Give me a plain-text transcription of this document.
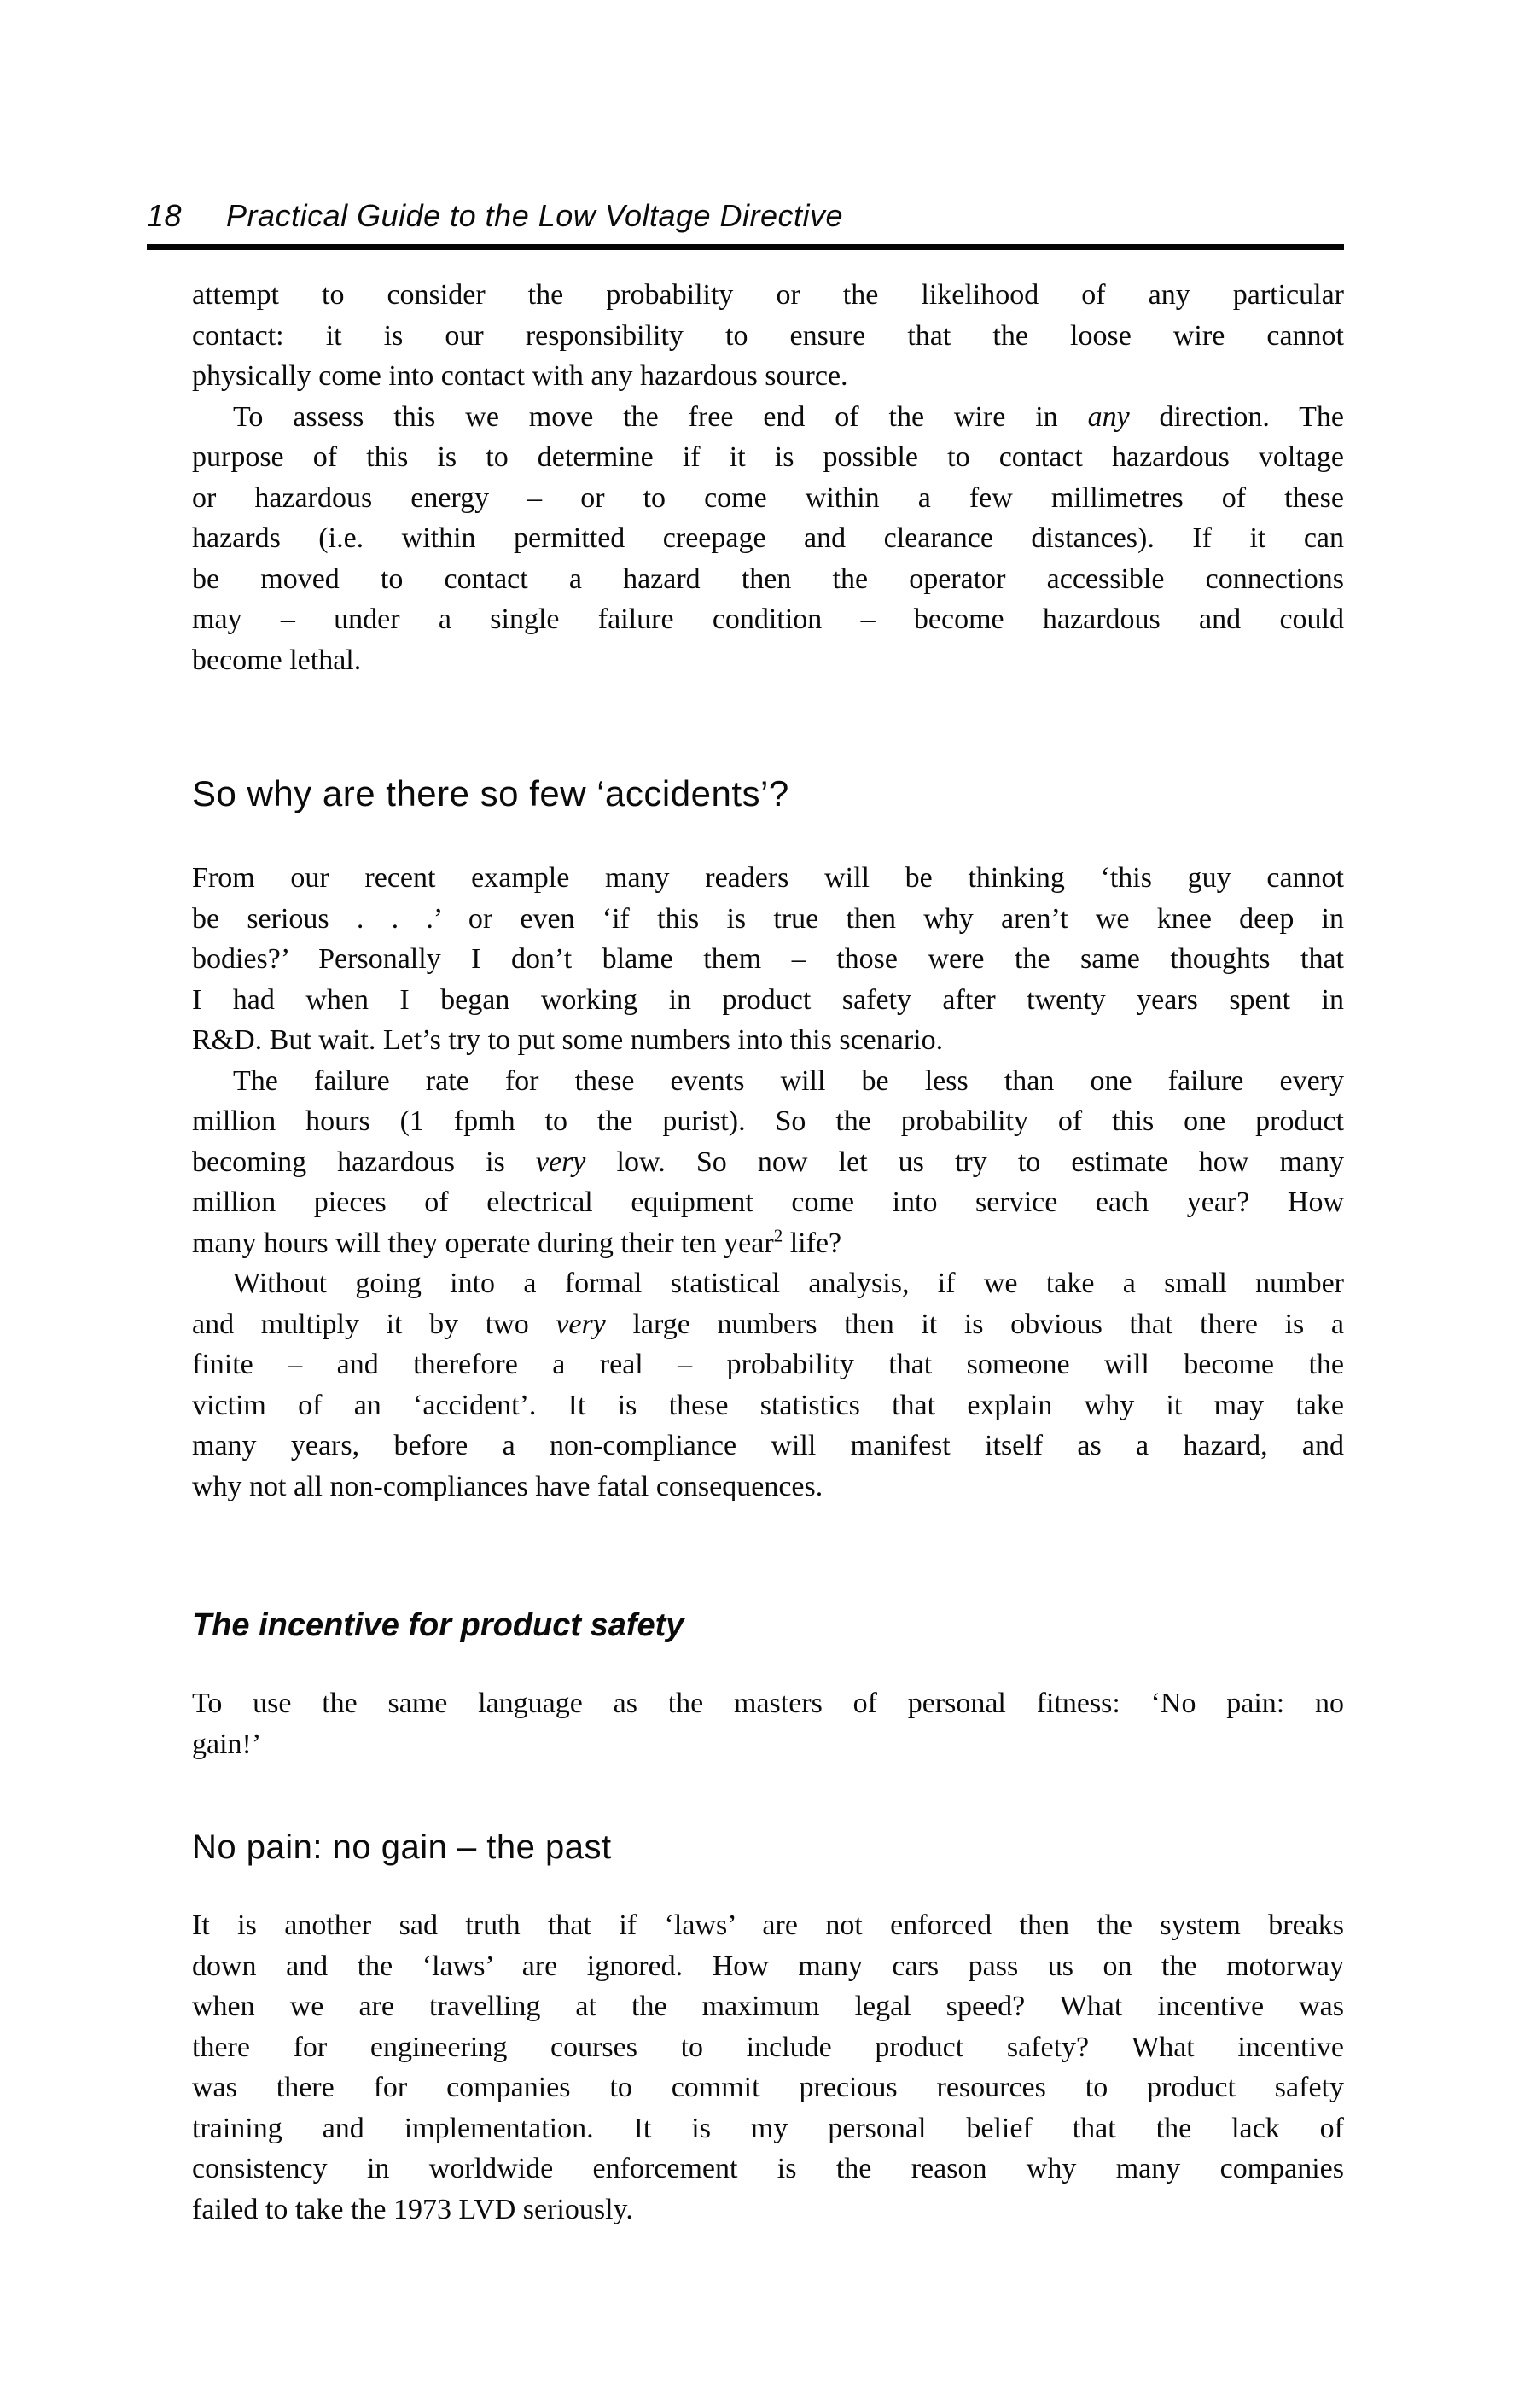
18 Practical Guide to the Low Voltage Directive
attempt to consider the probability or the likelihood of any particular
contact: it is our responsibility to ensure that the loose wire cannot
physically come into contact with any hazardous source.
To assess this we move the free end of the wire in any direction. The
purpose of this is to determine if it is possible to contact hazardous voltage
or hazardous energy – or to come within a few millimetres of these
hazards (i.e. within permitted creepage and clearance distances). If it can
be moved to contact a hazard then the operator accessible connections
may – under a single failure condition – become hazardous and could
become lethal.
So why are there so few ‘accidents’?
From our recent example many readers will be thinking ‘this guy cannot
be serious . . .’ or even ‘if this is true then why aren’t we knee deep in
bodies?’ Personally I don’t blame them – those were the same thoughts that
I had when I began working in product safety after twenty years spent in
R&D. But wait. Let’s try to put some numbers into this scenario.
The failure rate for these events will be less than one failure every
million hours (1 fpmh to the purist). So the probability of this one product
becoming hazardous is very low. So now let us try to estimate how many
million pieces of electrical equipment come into service each year? How
many hours will they operate during their ten year$^2$ life?
Without going into a formal statistical analysis, if we take a small number
and multiply it by two very large numbers then it is obvious that there is a
finite – and therefore a real – probability that someone will become the
victim of an ‘accident’. It is these statistics that explain why it may take
many years, before a non-compliance will manifest itself as a hazard, and
why not all non-compliances have fatal consequences.
The incentive for product safety
To use the same language as the masters of personal fitness: ‘No pain: no
gain!’
No pain: no gain – the past
It is another sad truth that if ‘laws’ are not enforced then the system breaks
down and the ‘laws’ are ignored. How many cars pass us on the motorway
when we are travelling at the maximum legal speed? What incentive was
there for engineering courses to include product safety? What incentive
was there for companies to commit precious resources to product safety
training and implementation. It is my personal belief that the lack of
consistency in worldwide enforcement is the reason why many companies
failed to take the 1973 LVD seriously.
